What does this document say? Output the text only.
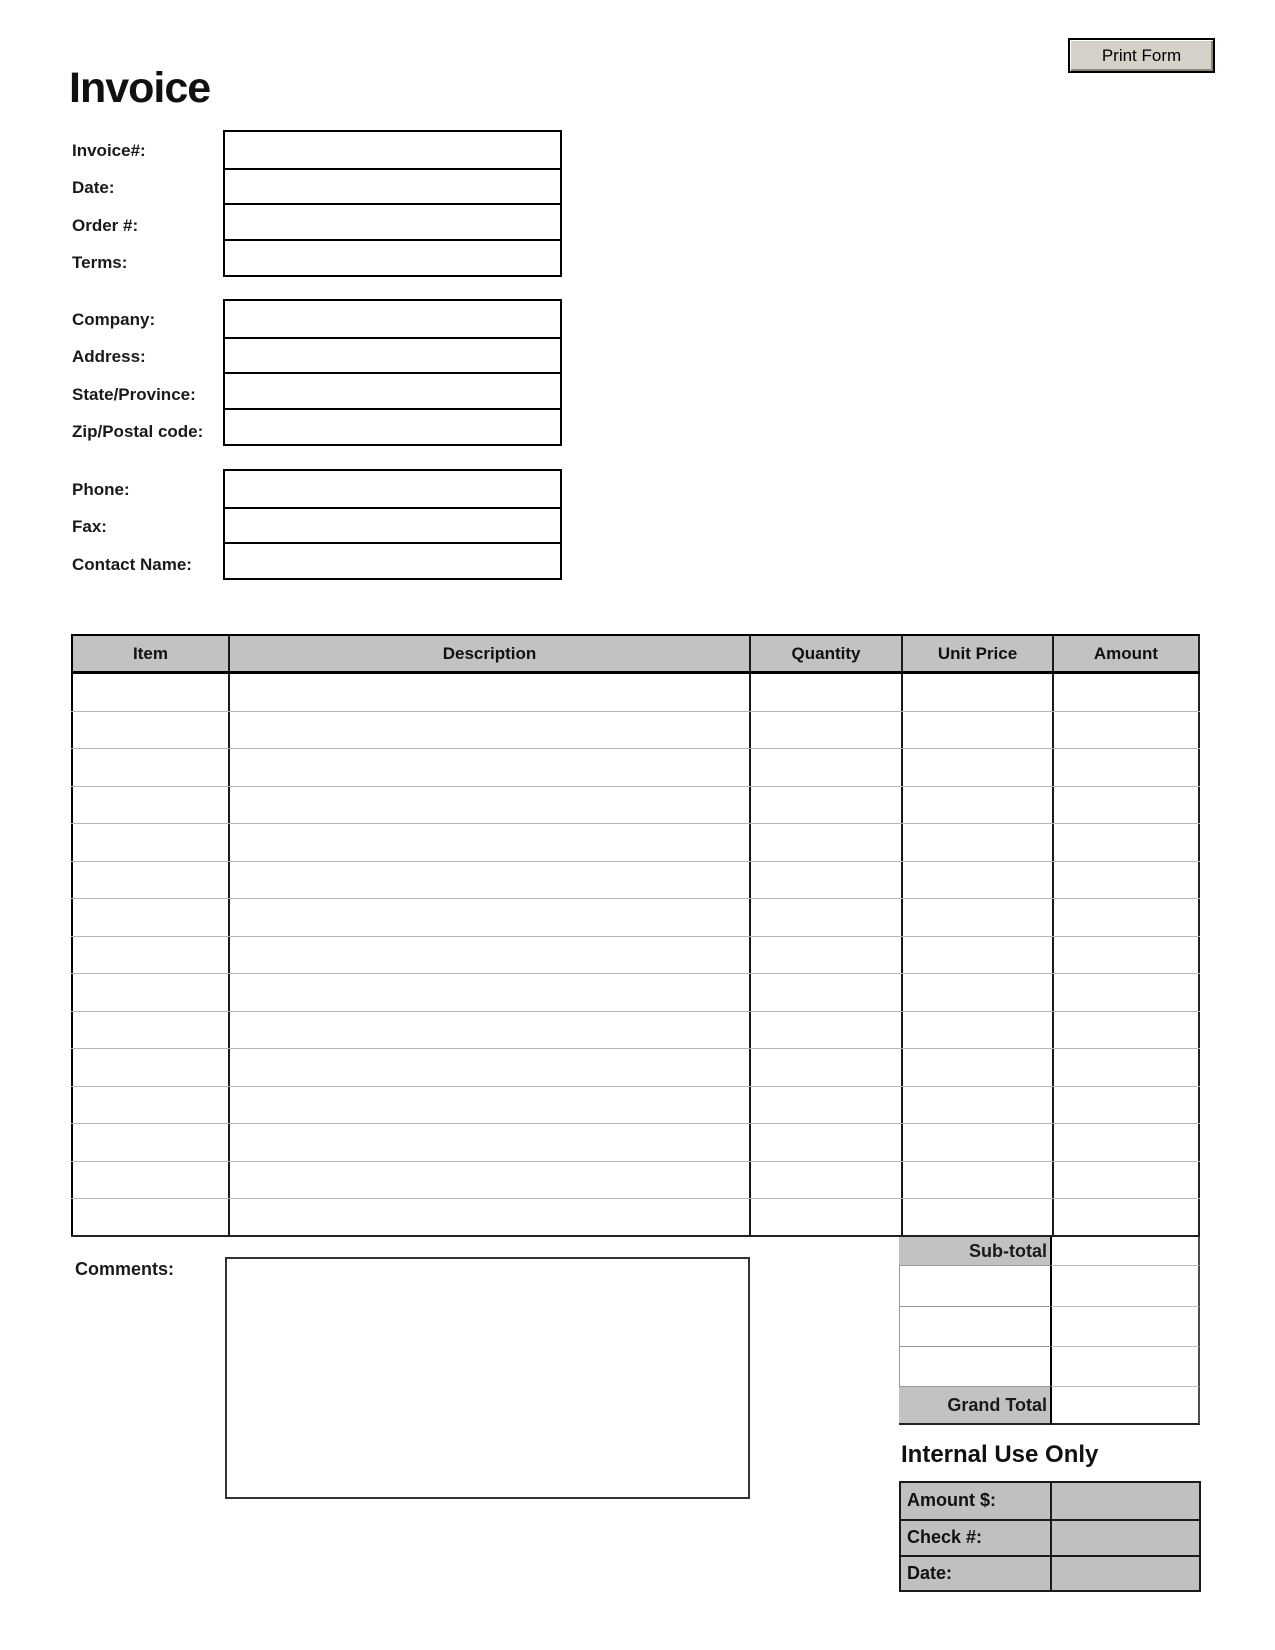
Print Form
Invoice
Invoice#:
Date:
Order #:
Terms:
Company:
Address:
State/Province:
Zip/Postal code:
Phone:
Fax:
Contact Name:
Item	Description	Quantity	Unit Price	Amount
Sub-total
Grand Total
Comments:
Internal Use Only
Amount $:
Check #:
Date:
